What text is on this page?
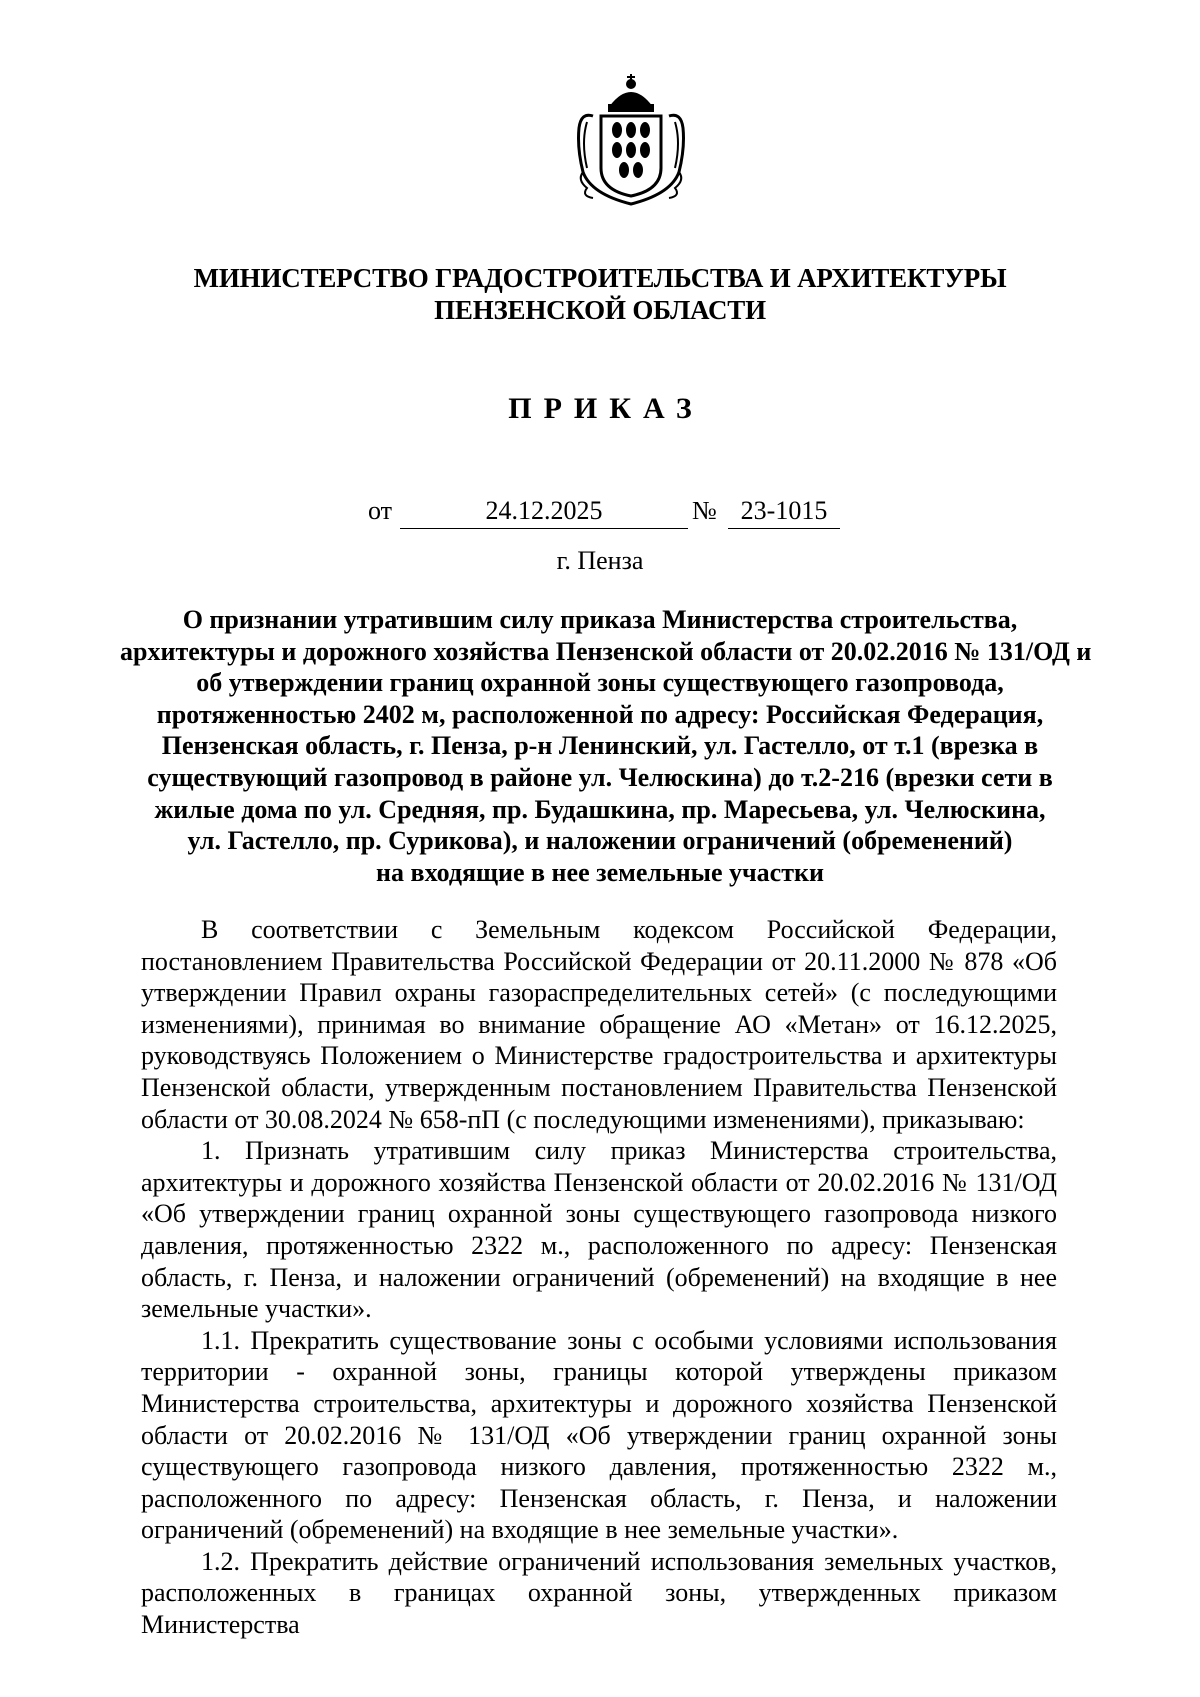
МИНИСТЕРСТВО ГРАДОСТРОИТЕЛЬСТВА И АРХИТЕКТУРЫ
ПЕНЗЕНСКОЙ ОБЛАСТИ
ПРИКАЗ
от	24.12.2025	№ 23-1015
г. Пенза
О признании утратившим силу приказа Министерства строительства,
архитектуры и дорожного хозяйства Пензенской области от 20.02.2016 № 131/ОД и
об утверждении границ охранной зоны существующего газопровода,
протяженностью 2402 м, расположенной по адресу: Российская Федерация,
Пензенская область, г. Пенза, р-н Ленинский, ул. Гастелло, от т.1 (врезка в
существующий газопровод в районе ул. Челюскина) до т.2-216 (врезки сети в
жилые дома по ул. Средняя, пр. Будашкина, пр. Маресьева, ул. Челюскина,
ул. Гастелло, пр. Сурикова), и наложении ограничений (обременений)
на входящие в нее земельные участки

В соответствии с Земельным кодексом Российской Федерации, постановлением Правительства Российской Федерации от 20.11.2000 № 878 «Об утверждении Правил охраны газораспределительных сетей» (с последующими изменениями), принимая во внимание обращение АО «Метан» от 16.12.2025, руководствуясь Положением о Министерстве градостроительства и архитектуры Пензенской области, утвержденным постановлением Правительства Пензенской области от 30.08.2024 № 658-пП (с последующими изменениями), приказываю:

1. Признать утратившим силу приказ Министерства строительства, архитектуры и дорожного хозяйства Пензенской области от 20.02.2016 № 131/ОД «Об утверждении границ охранной зоны существующего газопровода низкого давления, протяженностью 2322 м., расположенного по адресу: Пензенская область, г. Пенза, и наложении ограничений (обременений) на входящие в нее земельные участки».

1.1. Прекратить существование зоны с особыми условиями использования территории - охранной зоны, границы которой утверждены приказом Министерства строительства, архитектуры и дорожного хозяйства Пензенской области от 20.02.2016 № 131/ОД «Об утверждении границ охранной зоны существующего газопровода низкого давления, протяженностью 2322 м., расположенного по адресу: Пензенская область, г. Пенза, и наложении ограничений (обременений) на входящие в нее земельные участки».

1.2. Прекратить действие ограничений использования земельных участков, расположенных в границах охранной зоны, утвержденных приказом Министерства
